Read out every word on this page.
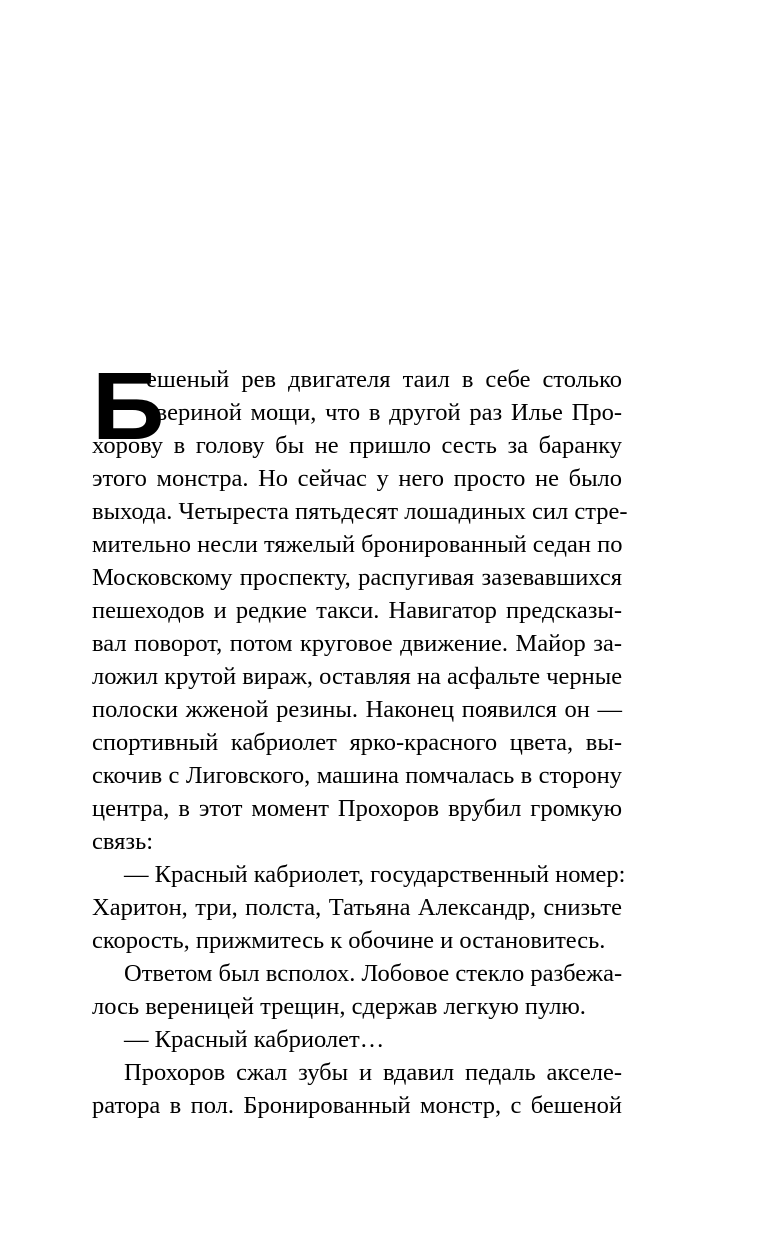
Б
ешеный рев двигателя таил в себе столько
звериной мощи, что в другой раз Илье Про-
хорову в голову бы не пришло сесть за баранку
этого монстра. Но сейчас у него просто не было
выхода. Четыреста пятьдесят лошадиных сил стре-
мительно несли тяжелый бронированный седан по
Московскому проспекту, распугивая зазевавшихся
пешеходов и редкие такси. Навигатор предсказы-
вал поворот, потом круговое движение. Майор за-
ложил крутой вираж, оставляя на асфальте черные
полоски жженой резины. Наконец появился он —
спортивный кабриолет ярко-красного цвета, вы-
скочив с Лиговского, машина помчалась в сторону
центра, в этот момент Прохоров врубил громкую
связь:
— Красный кабриолет, государственный номер:
Харитон, три, полста, Татьяна Александр, снизьте
скорость, прижмитесь к обочине и остановитесь.
Ответом был всполох. Лобовое стекло разбежа-
лось вереницей трещин, сдержав легкую пулю.
— Красный кабриолет…
Прохоров сжал зубы и вдавил педаль акселе-
ратора в пол. Бронированный монстр, с бешеной
